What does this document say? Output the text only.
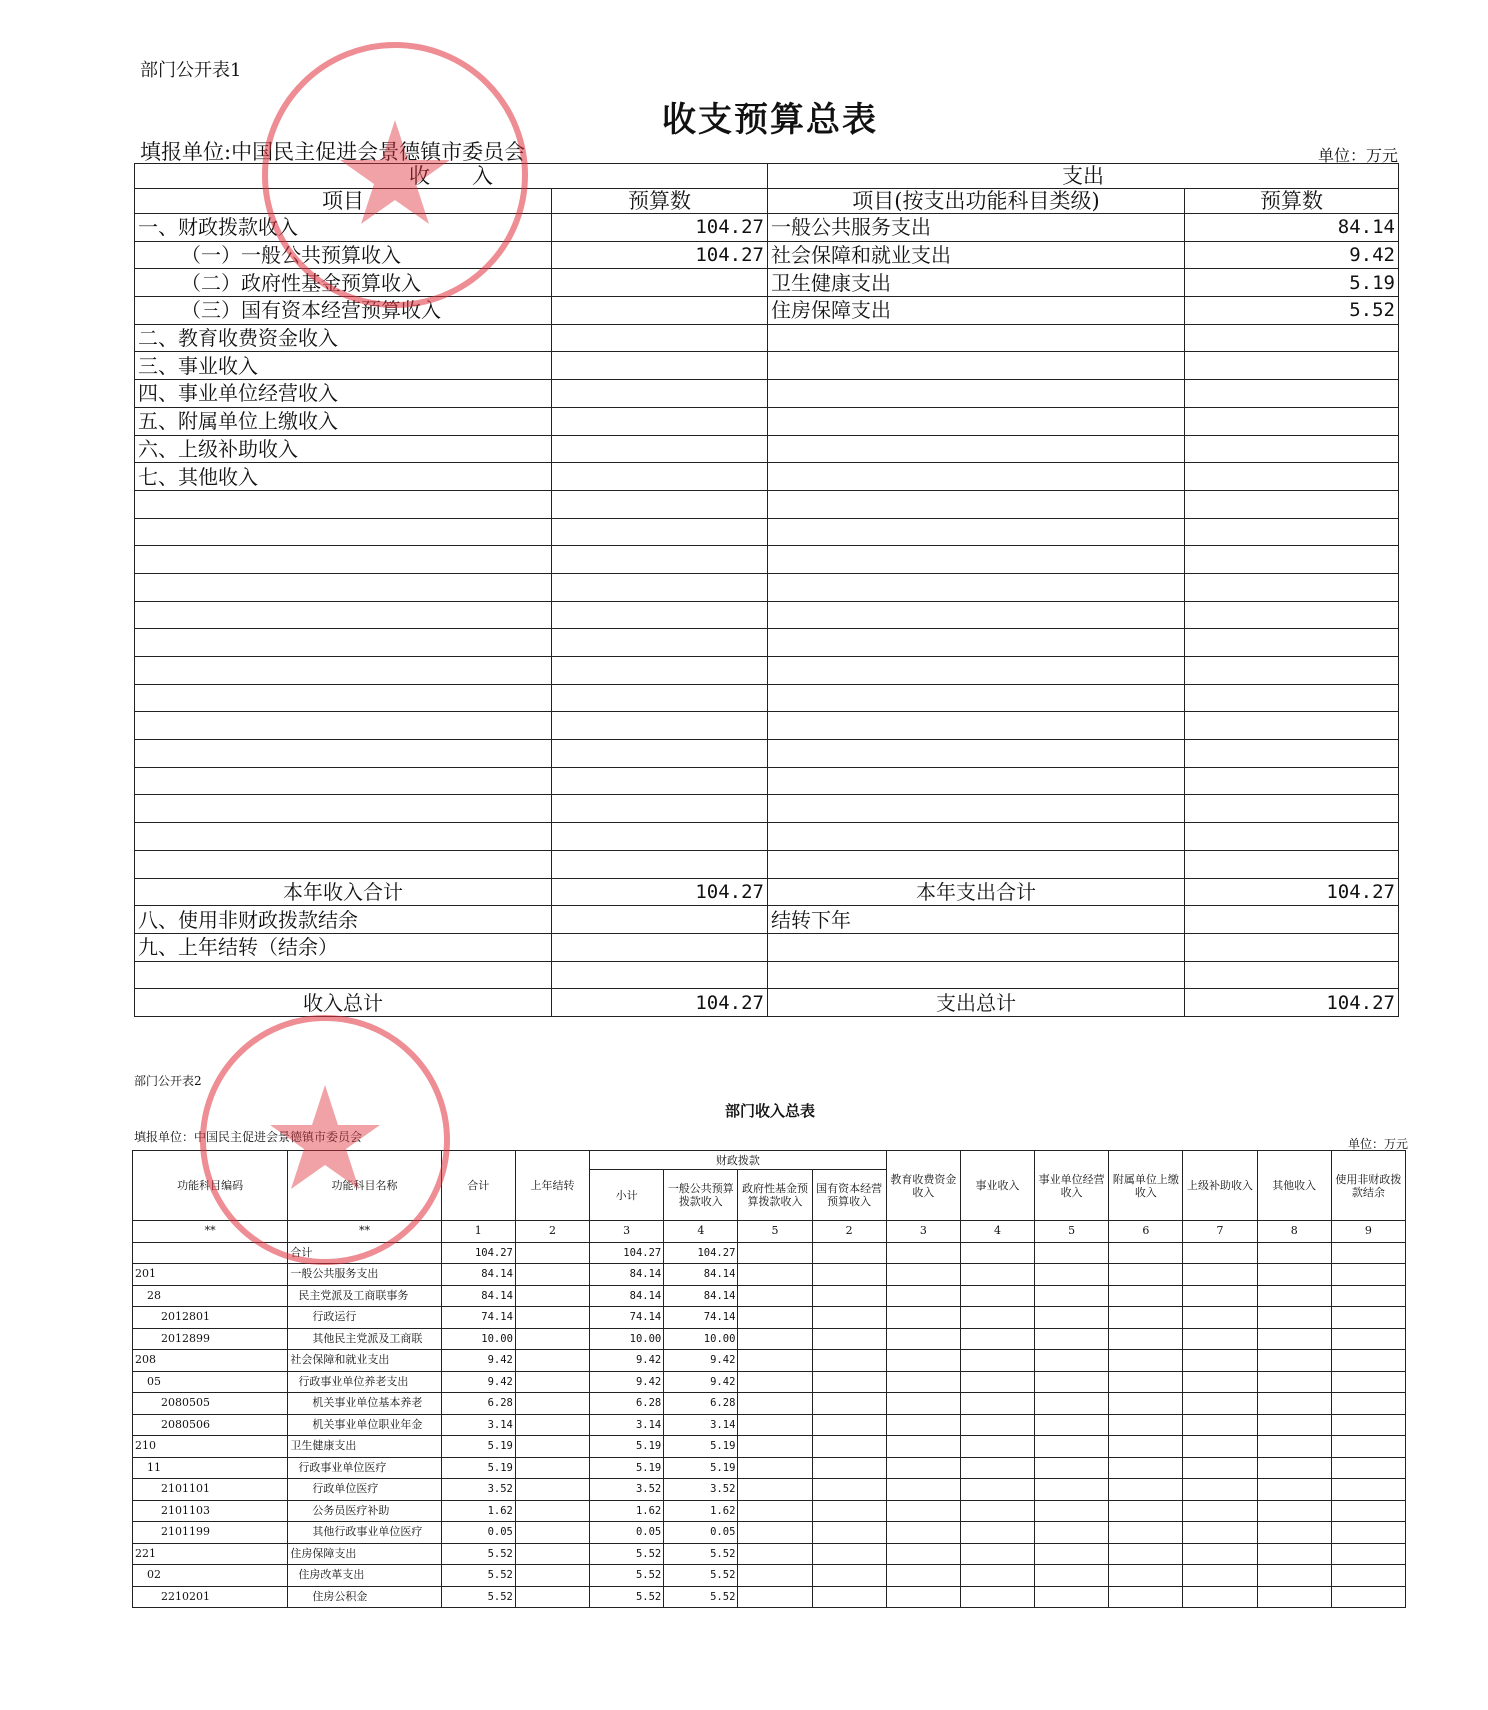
部门公开表1
收支预算总表
填报单位:中国民主促进会景德镇市委员会	单位：万元
收　　入		支出	
项目	预算数	项目(按支出功能科目类级)	预算数
一、财政拨款收入	104.27	一般公共服务支出	84.14
（一）一般公共预算收入	104.27	社会保障和就业支出	9.42
（二）政府性基金预算收入		卫生健康支出	5.19
（三）国有资本经营预算收入		住房保障支出	5.52
二、教育收费资金收入			
三、事业收入			
四、事业单位经营收入			
五、附属单位上缴收入			
六、上级补助收入			
七、其他收入			

本年收入合计	104.27	本年支出合计	104.27
八、使用非财政拨款结余		结转下年	
九、上年结转（结余）			

收入总计	104.27	支出总计	104.27
部门公开表2
部门收入总表
填报单位：中国民主促进会景德镇市委员会	单位：万元
功能科目编码	功能科目名称	合计	上年结转	财政拨款				教育收费资金收入	事业收入	事业单位经营收入	附属单位上缴收入	上级补助收入	其他收入	使用非财政拨款结余
				小计	一般公共预算拨款收入	政府性基金预算拨款收入	国有资本经营预算收入							
**	**	1	2	3	4	5	2	3	4	5	6	7	8	9
	合计	104.27		104.27	104.27									
201	一般公共服务支出	84.14		84.14	84.14									
28	民主党派及工商联事务	84.14		84.14	84.14									
2012801	行政运行	74.14		74.14	74.14									
2012899	其他民主党派及工商联	10.00		10.00	10.00									
208	社会保障和就业支出	9.42		9.42	9.42									
05	行政事业单位养老支出	9.42		9.42	9.42									
2080505	机关事业单位基本养老	6.28		6.28	6.28									
2080506	机关事业单位职业年金	3.14		3.14	3.14									
210	卫生健康支出	5.19		5.19	5.19									
11	行政事业单位医疗	5.19		5.19	5.19									
2101101	行政单位医疗	3.52		3.52	3.52									
2101103	公务员医疗补助	1.62		1.62	1.62									
2101199	其他行政事业单位医疗	0.05		0.05	0.05									
221	住房保障支出	5.52		5.52	5.52									
02	住房改革支出	5.52		5.52	5.52									
2210201	住房公积金	5.52		5.52	5.52									
